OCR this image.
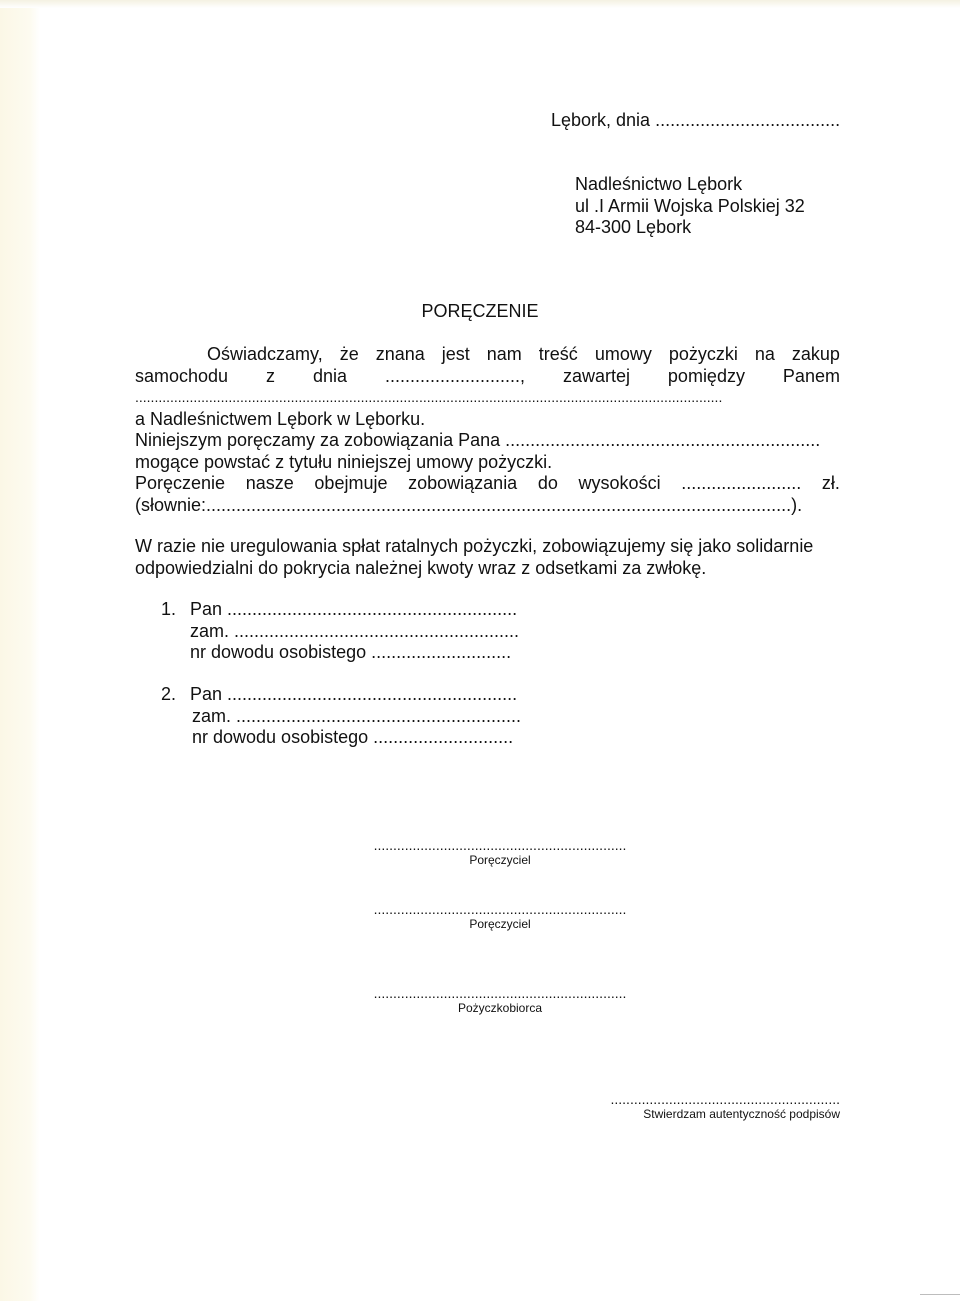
Lębork, dnia .....................................
Nadleśnictwo Lębork
ul .I Armii Wojska Polskiej 32
84-300 Lębork
PORĘCZENIE
Oświadczamy, że znana jest nam treść umowy pożyczki na zakup
samochodu z dnia ..........................., zawartej pomiędzy Panem
.......................................................................................................................................................
a Nadleśnictwem Lębork w Lęborku.
Niniejszym poręczamy za zobowiązania Pana ...............................................................
mogące powstać z tytułu niniejszej umowy pożyczki.
Poręczenie nasze obejmuje zobowiązania do wysokości ........................ zł.
(słownie:.....................................................................................................................).
W razie nie uregulowania spłat ratalnych pożyczki, zobowiązujemy się jako solidarnie
odpowiedzialni do pokrycia należnej kwoty wraz z odsetkami za zwłokę.
1. Pan ..........................................................
zam. .........................................................
nr dowodu osobistego ............................
2. Pan ..........................................................
zam. .........................................................
nr dowodu osobistego ............................
.................................................................
Poręczyciel
.................................................................
Poręczyciel
.................................................................
Pożyczkobiorca
...........................................................
Stwierdzam autentyczność podpisów
